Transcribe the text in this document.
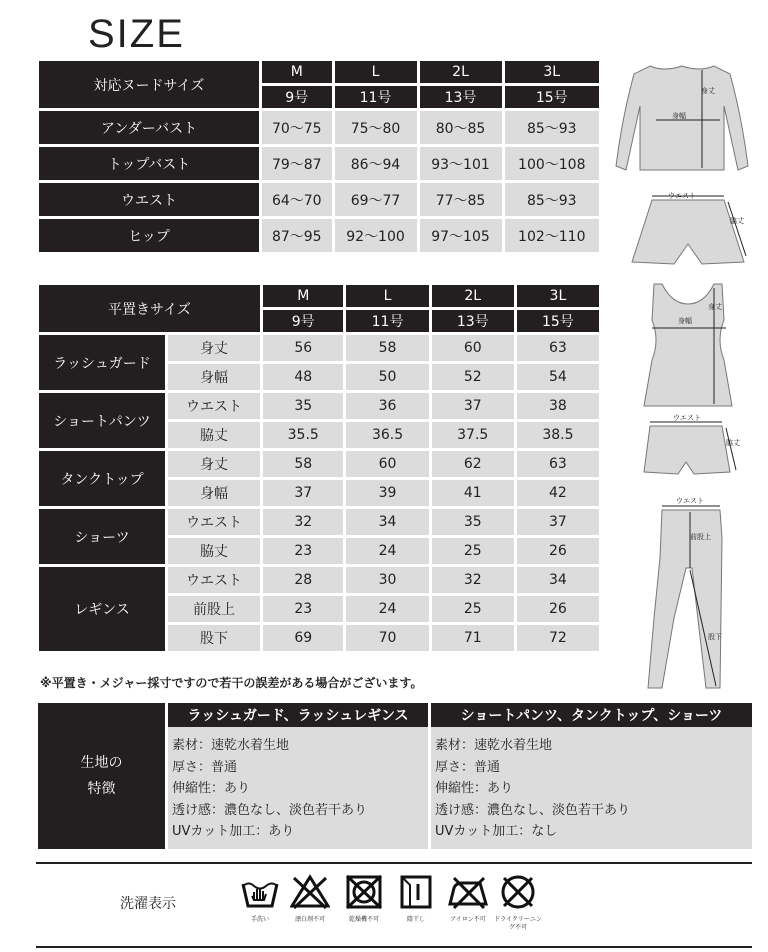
SIZE
対応ヌードサイズ	M	L	2L	3L
	9号	11号	13号	15号
アンダーバスト	70～75	75～80	80～85	85～93
トップバスト	79～87	86～94	93～101	100～108
ウエスト	64～70	69～77	77～85	85～93
ヒップ	87～95	92～100	97～105	102～110
平置きサイズ		M	L	2L	3L
		9号	11号	13号	15号
ラッシュガード	身丈	56	58	60	63
	身幅	48	50	52	54
ショートパンツ	ウエスト	35	36	37	38
	脇丈	35.5	36.5	37.5	38.5
タンクトップ	身丈	58	60	62	63
	身幅	37	39	41	42
ショーツ	ウエスト	32	34	35	37
	脇丈	23	24	25	26
レギンス	ウエスト	28	30	32	34
	前股上	23	24	25	26
	股下	69	70	71	72
※平置き・メジャー採寸ですので若干の誤差がある場合がございます。
生地の
特徴
ラッシュガード、ラッシュレギンス
素材：速乾水着生地
厚さ：普通
伸縮性：あり
透け感：濃色なし、淡色若干あり
UVカット加工：あり
ショートパンツ、タンクトップ、ショーツ
素材：速乾水着生地
厚さ：普通
伸縮性：あり
透け感：濃色なし、淡色若干あり
UVカット加工：なし
洗濯表示
手洗い	漂白剤不可	乾燥機不可	陰干し	アイロン不可	ドライクリーニング不可
身丈
身幅
ウエスト
脇丈
身丈
身幅
ウエスト
脇丈
ウエスト
前股上
股下
